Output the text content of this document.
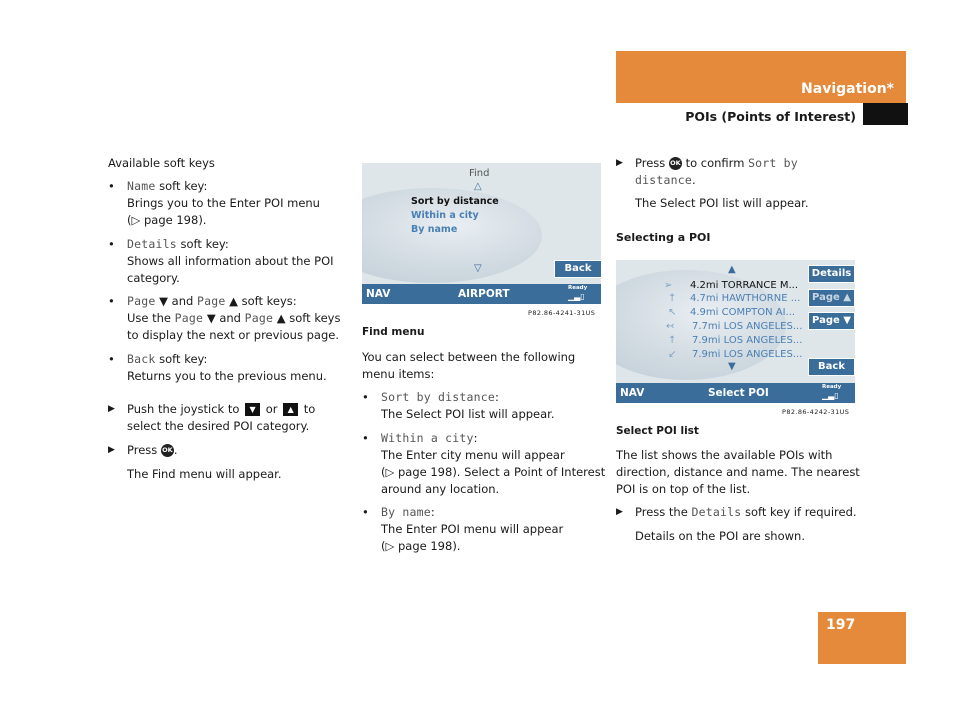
Navigation*
POIs (Points of Interest)
Available soft keys
• Name soft key:
Brings you to the Enter POI menu
(▷ page 198).
• Details soft key:
Shows all information about the POI
category.
• Page ▼ and Page ▲ soft keys:
Use the Page ▼ and Page ▲ soft keys
to display the next or previous page.
• Back soft key:
Returns you to the previous menu.
▶ Push the joystick to ▼ or ▲ to
select the desired POI category.
▶ Press OK.
The Find menu will appear.
Find
△
Sort by distance
Within a city
By name
▽	Back
NAV	AIRPORT	Ready
▁▃▯
P82.86-4241-31US
Find menu
You can select between the following
menu items:
• Sort by distance:
The Select POI list will appear.
• Within a city:
The Enter city menu will appear
(▷ page 198). Select a Point of Interest
around any location.
• By name:
The Enter POI menu will appear
(▷ page 198).
▶ Press OK to confirm Sort by
distance.
The Select POI list will appear.
Selecting a POI
▲
➢ 4.2mi TORRANCE M...
↑ 4.7mi HAWTHORNE ...
↖ 4.9mi COMPTON AI...
↢ 7.7mi LOS ANGELES...
↑ 7.9mi LOS ANGELES...
↙ 7.9mi LOS ANGELES...
▼
Details
Page ▲
Page ▼
Back
NAV	Select POI	Ready
▁▃▯
P82.86-4242-31US
Select POI list
The list shows the available POIs with
direction, distance and name. The nearest
POI is on top of the list.
▶ Press the Details soft key if required.
Details on the POI are shown.
197
